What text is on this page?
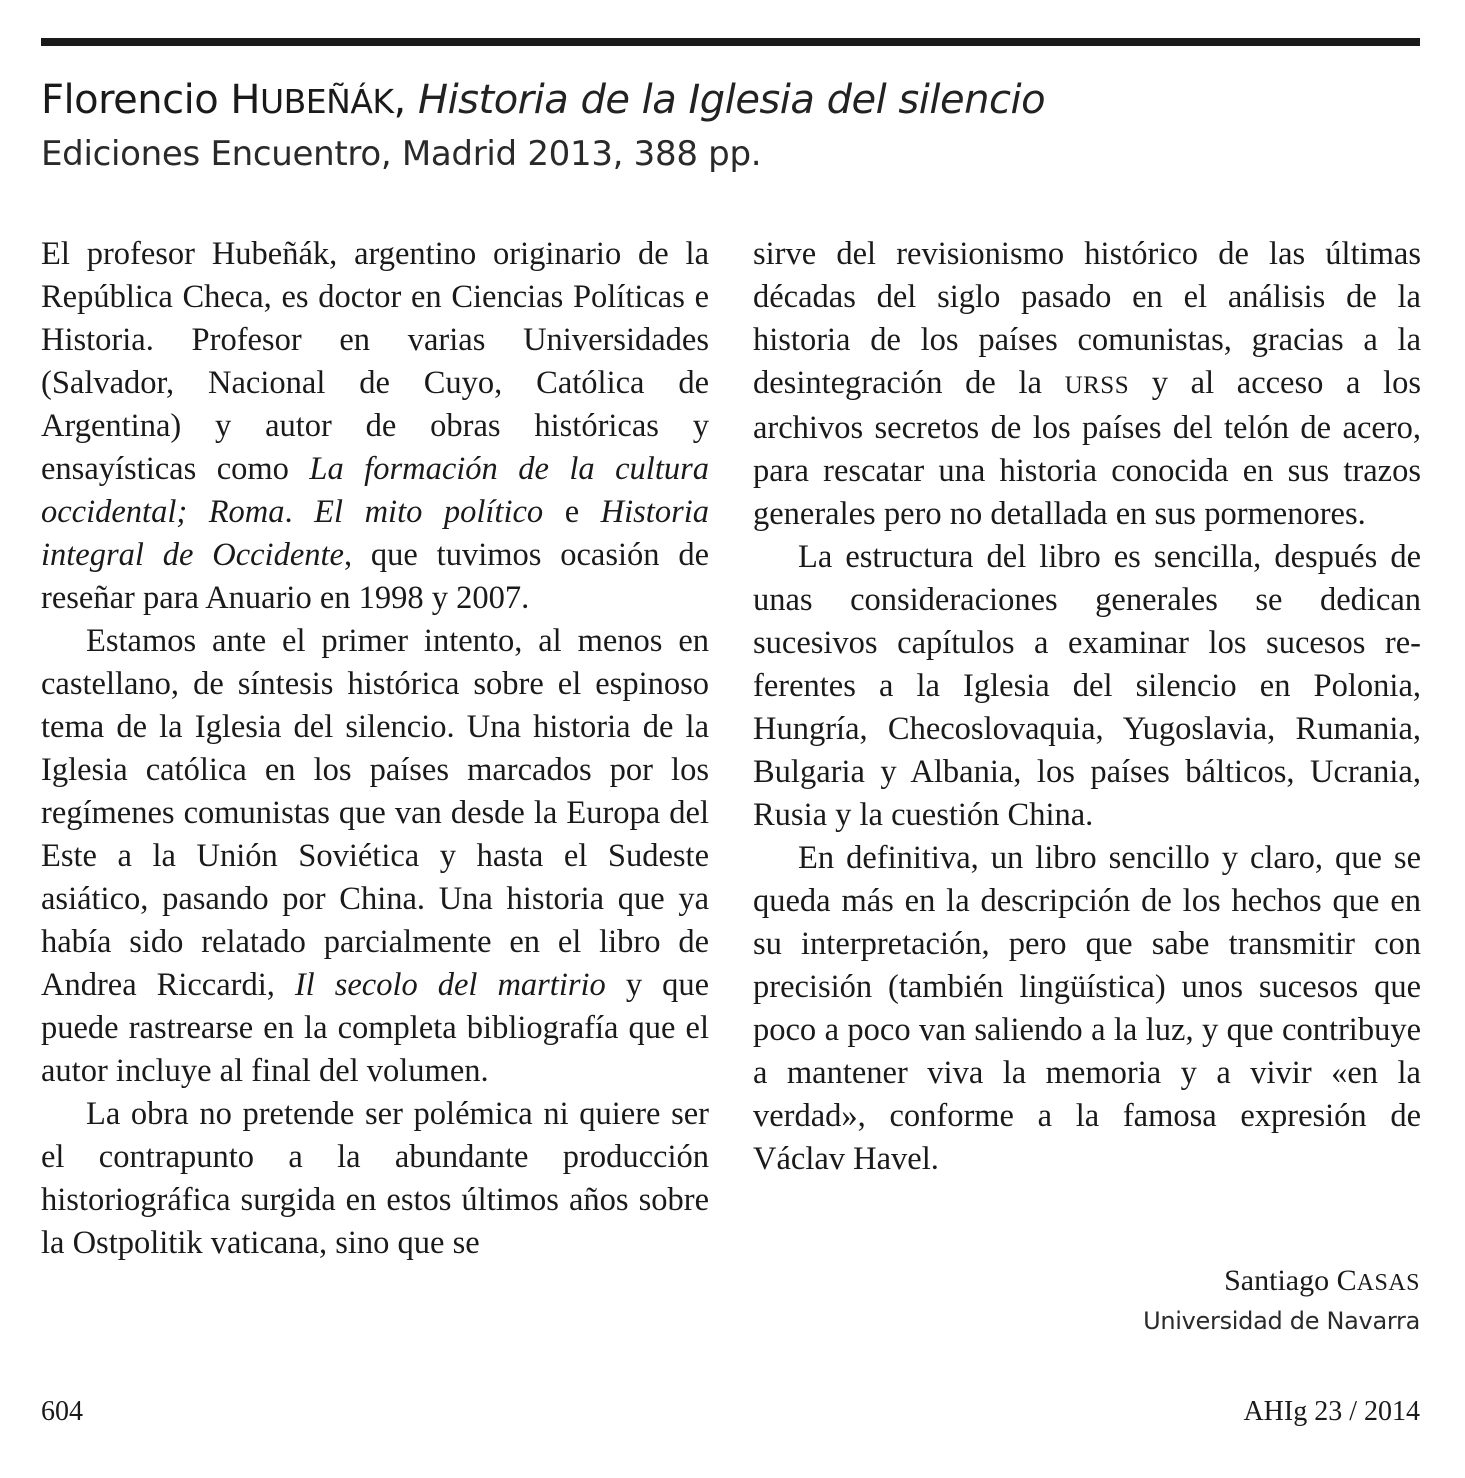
Florencio HUBEÑÁK, Historia de la Iglesia del silencio

Ediciones Encuentro, Madrid 2013, 388 pp.

El profesor Hubeñák, argentino originario de la República Checa, es doctor en Ciencias Políticas e Historia. Profesor en varias Universidades (Salvador, Nacional de Cuyo, Católica de Argentina) y autor de obras históricas y ensayísticas como La formación de la cultura occidental; Roma. El mito político e Historia integral de Occidente, que tuvimos ocasión de reseñar para Anuario en 1998 y 2007.

Estamos ante el primer intento, al menos en castellano, de síntesis histórica sobre el espinoso tema de la Iglesia del silencio. Una historia de la Iglesia católica en los países marcados por los regímenes comunistas que van desde la Europa del Este a la Unión Soviética y hasta el Sudeste asiático, pasando por China. Una historia que ya había sido relatado parcialmente en el libro de Andrea Riccardi, Il secolo del martirio y que puede rastrearse en la completa bibliografía que el autor incluye al final del volumen.

La obra no pretende ser polémica ni quiere ser el contrapunto a la abundante producción historiográfica surgida en estos últimos años sobre la Ostpolitik vaticana, sino que se

sirve del revisionismo histórico de las últimas décadas del siglo pasado en el análisis de la historia de los países comunistas, gracias a la desintegración de la URSS y al acceso a los archivos secretos de los países del telón de acero, para rescatar una historia conocida en sus trazos generales pero no detallada en sus pormenores.

La estructura del libro es sencilla, después de unas consideraciones generales se dedican sucesivos capítulos a examinar los sucesos referentes a la Iglesia del silencio en Polonia, Hungría, Checoslovaquia, Yugoslavia, Rumania, Bulgaria y Albania, los países bálticos, Ucrania, Rusia y la cuestión China.

En definitiva, un libro sencillo y claro, que se queda más en la descripción de los hechos que en su interpretación, pero que sabe transmitir con precisión (también lingüística) unos sucesos que poco a poco van saliendo a la luz, y que contribuye a mantener viva la memoria y a vivir «en la verdad», conforme a la famosa expresión de Václav Havel.

Santiago CASAS

Universidad de Navarra

604	AHIg 23 / 2014
